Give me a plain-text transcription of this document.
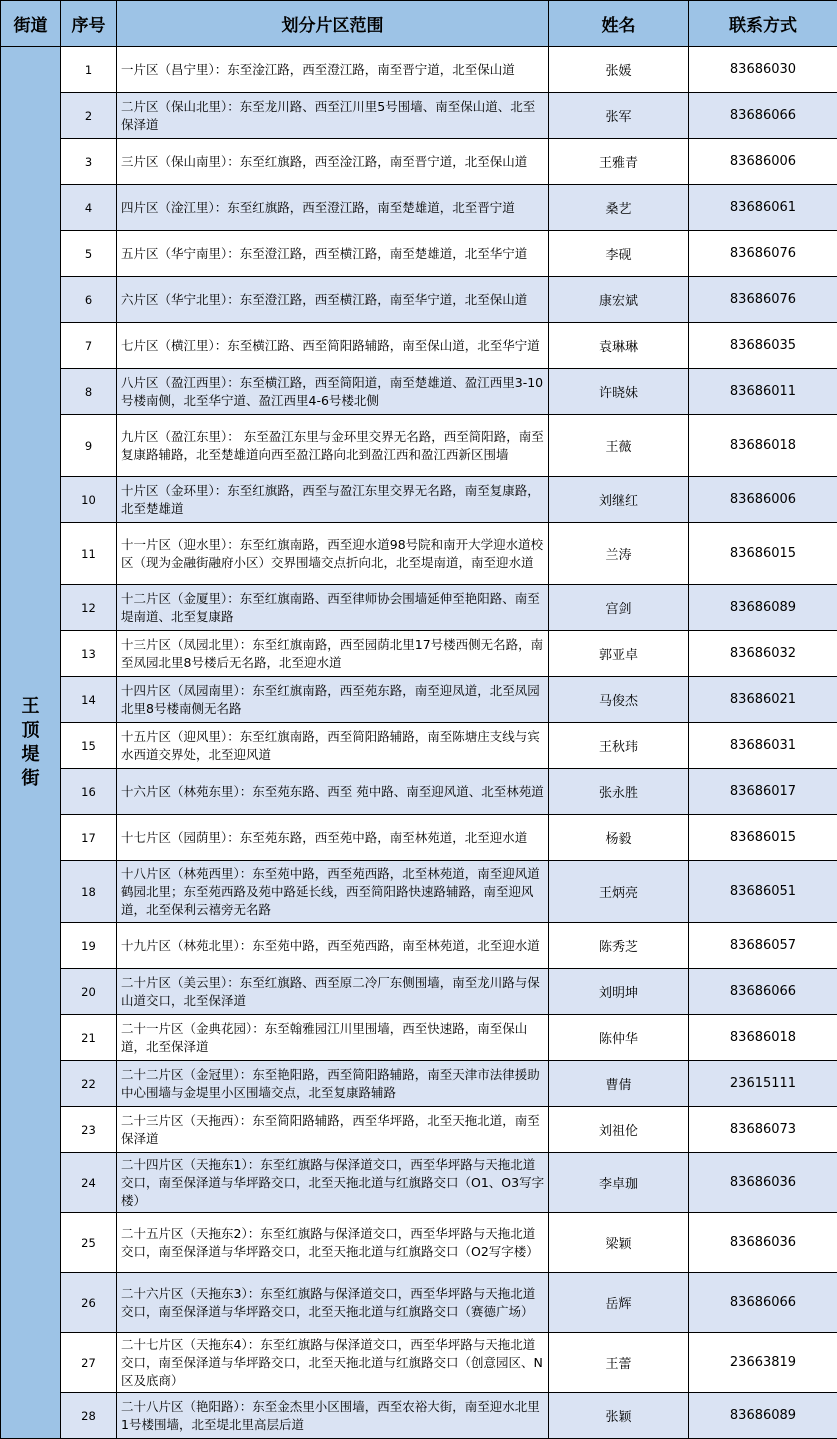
街道	序号	划分片区范围	姓名	联系方式
王顶堤街	1	一片区（昌宁里）：东至淦江路，西至澄江路，南至晋宁道，北至保山道	张媛	83686030
	2	二片区（保山北里）：东至龙川路、西至江川里5号围墙、南至保山道、北至保泽道	张军	83686066
	3	三片区（保山南里）：东至红旗路，西至淦江路，南至晋宁道，北至保山道	王雅青	83686006
	4	四片区（淦江里）：东至红旗路，西至澄江路，南至楚雄道，北至晋宁道	桑艺	83686061
	5	五片区（华宁南里）：东至澄江路，西至横江路，南至楚雄道，北至华宁道	李砚	83686076
	6	六片区（华宁北里）：东至澄江路，西至横江路，南至华宁道，北至保山道	康宏斌	83686076
	7	七片区（横江里）：东至横江路、西至简阳路辅路，南至保山道，北至华宁道	袁琳琳	83686035
	8	八片区（盈江西里）：东至横江路，西至简阳道，南至楚雄道、盈江西里3-10号楼南侧，北至华宁道、盈江西里4-6号楼北侧	许晓妹	83686011
	9	九片区（盈江东里）： 东至盈江东里与金环里交界无名路，西至简阳路，南至复康路辅路，北至楚雄道向西至盈江路向北到盈江西和盈江西新区围墙	王薇	83686018
	10	十片区（金环里）：东至红旗路，西至与盈江东里交界无名路，南至复康路，北至楚雄道	刘继红	83686006
	11	十一片区（迎水里）：东至红旗南路，西至迎水道98号院和南开大学迎水道校区（现为金融街融府小区）交界围墙交点折向北，北至堤南道，南至迎水道	兰涛	83686015
	12	十二片区（金厦里）：东至红旗南路、西至律师协会围墙延伸至艳阳路、南至堤南道、北至复康路	宫剑	83686089
	13	十三片区（凤园北里）：东至红旗南路，西至园荫北里17号楼西侧无名路，南至凤园北里8号楼后无名路，北至迎水道	郭亚卓	83686032
	14	十四片区（凤园南里）：东至红旗南路，西至苑东路，南至迎凤道，北至凤园北里8号楼南侧无名路	马俊杰	83686021
	15	十五片区（迎风里）：东至红旗南路，西至简阳路辅路，南至陈塘庄支线与宾水西道交界处，北至迎风道	王秋玮	83686031
	16	十六片区（林苑东里）：东至苑东路、西至 苑中路、南至迎风道、北至林苑道	张永胜	83686017
	17	十七片区（园荫里）：东至苑东路，西至苑中路，南至林苑道，北至迎水道	杨毅	83686015
	18	十八片区（林苑西里）：东至苑中路，西至苑西路，北至林苑道，南至迎风道鹤园北里；东至苑西路及苑中路延长线，西至简阳路快速路辅路，南至迎风道，北至保利云禧旁无名路	王炳亮	83686051
	19	十九片区（林苑北里）：东至苑中路，西至苑西路，南至林苑道，北至迎水道	陈秀芝	83686057
	20	二十片区（美云里）：东至红旗路、西至原二冷厂东侧围墙，南至龙川路与保山道交口，北至保泽道	刘明坤	83686066
	21	二十一片区（金典花园）：东至翰雅园江川里围墙，西至快速路，南至保山道，北至保泽道	陈仲华	83686018
	22	二十二片区（金冠里）：东至艳阳路，西至简阳路辅路，南至天津市法律援助中心围墙与金堤里小区围墙交点，北至复康路辅路	曹倩	23615111
	23	二十三片区（天拖西）：东至简阳路辅路，西至华坪路，北至天拖北道，南至保泽道	刘祖伦	83686073
	24	二十四片区（天拖东1）：东至红旗路与保泽道交口，西至华坪路与天拖北道交口，南至保泽道与华坪路交口，北至天拖北道与红旗路交口（O1、O3写字楼）	李卓珈	83686036
	25	二十五片区（天拖东2）：东至红旗路与保泽道交口，西至华坪路与天拖北道交口，南至保泽道与华坪路交口，北至天拖北道与红旗路交口（O2写字楼）	梁颖	83686036
	26	二十六片区（天拖东3）：东至红旗路与保泽道交口，西至华坪路与天拖北道交口，南至保泽道与华坪路交口，北至天拖北道与红旗路交口（赛德广场）	岳辉	83686066
	27	二十七片区（天拖东4）：东至红旗路与保泽道交口，西至华坪路与天拖北道交口，南至保泽道与华坪路交口，北至天拖北道与红旗路交口（创意园区、N区及底商）	王蕾	23663819
	28	二十八片区（艳阳路）：东至金杰里小区围墙，西至农裕大街，南至迎水北里1号楼围墙，北至堤北里高层后道	张颖	83686089
